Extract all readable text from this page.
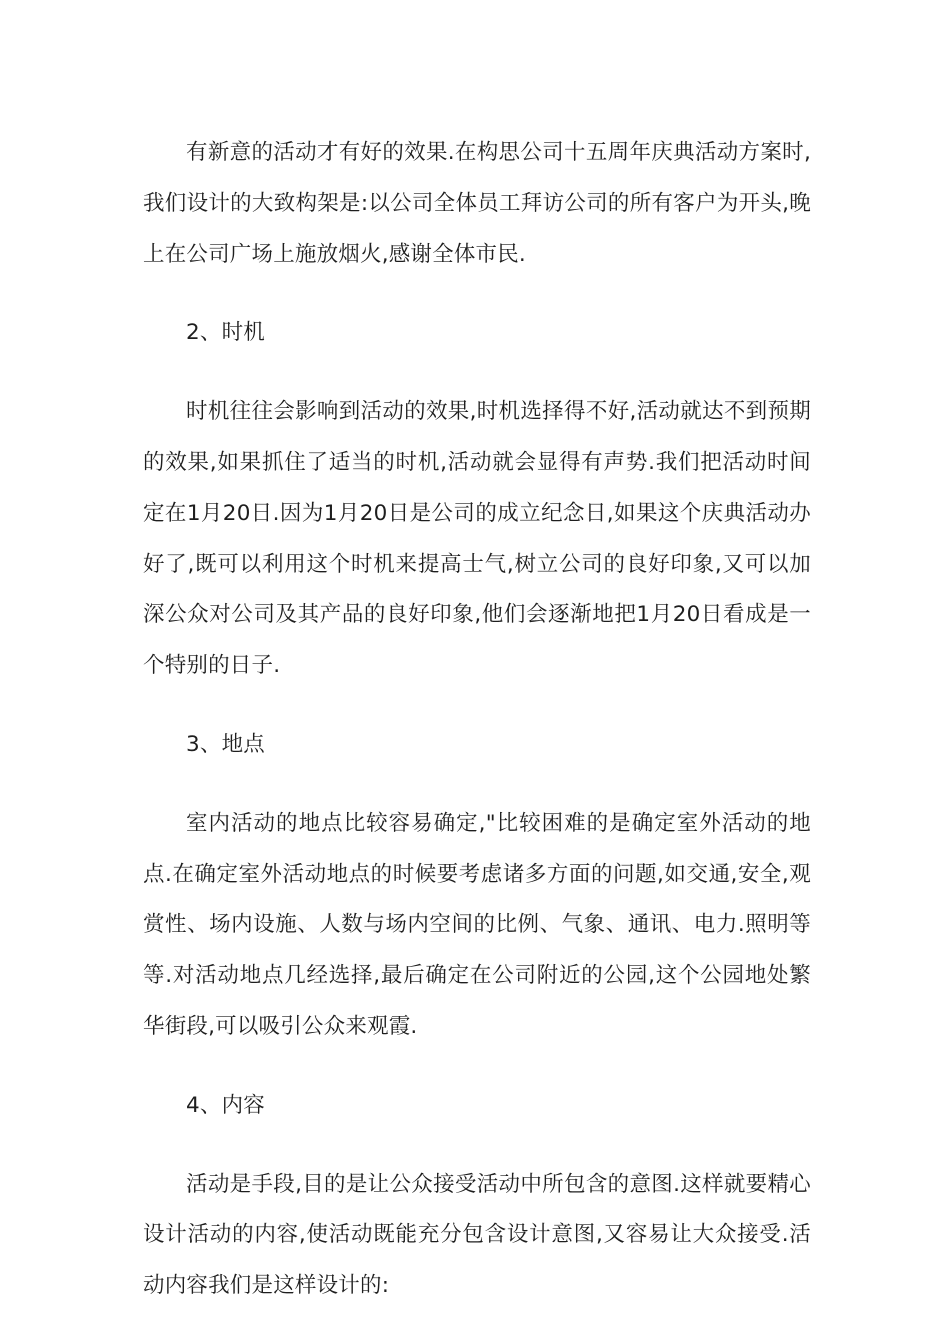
有新意的活动才有好的效果.在构思公司十五周年庆典活动方案时,我们设计的大致构架是:以公司全体员工拜访公司的所有客户为开头,晚上在公司广场上施放烟火,感谢全体市民.

2、时机

时机往往会影响到活动的效果,时机选择得不好,活动就达不到预期的效果,如果抓住了适当的时机,活动就会显得有声势.我们把活动时间定在1月20日.因为1月20日是公司的成立纪念日,如果这个庆典活动办好了,既可以利用这个时机来提高士气,树立公司的良好印象,又可以加深公众对公司及其产品的良好印象,他们会逐渐地把1月20日看成是一个特别的日子.

3、地点

室内活动的地点比较容易确定,"比较困难的是确定室外活动的地点.在确定室外活动地点的时候要考虑诸多方面的问题,如交通,安全,观赏性、场内设施、人数与场内空间的比例、气象、通讯、电力.照明等等.对活动地点几经选择,最后确定在公司附近的公园,这个公园地处繁华街段,可以吸引公众来观霞.

4、内容

活动是手段,目的是让公众接受活动中所包含的意图.这样就要精心设计活动的内容,使活动既能充分包含设计意图,又容易让大众接受.活动内容我们是这样设计的:
